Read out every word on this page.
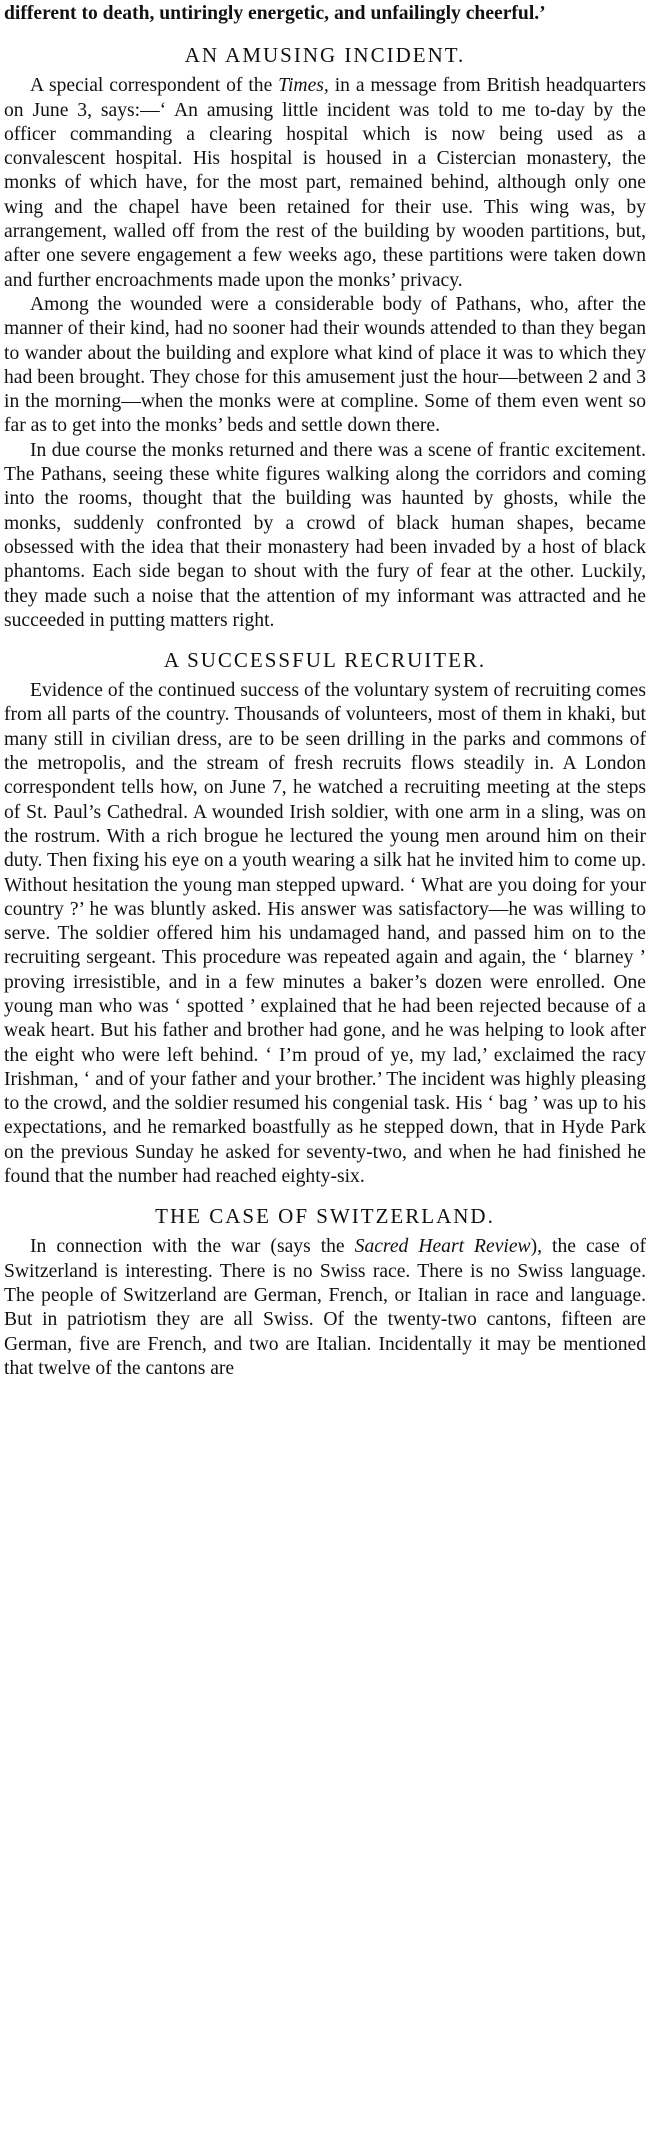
different to death, untiringly energetic, and unfailingly cheerful.’

AN AMUSING INCIDENT.

A special correspondent of the Times, in a message from British headquarters on June 3, says:—‘ An amusing little incident was told to me to-day by the officer commanding a clearing hospital which is now being used as a convalescent hospital. His hospital is housed in a Cistercian monastery, the monks of which have, for the most part, remained behind, although only one wing and the chapel have been retained for their use. This wing was, by arrangement, walled off from the rest of the building by wooden partitions, but, after one severe engagement a few weeks ago, these partitions were taken down and further encroachments made upon the monks’ privacy.

Among the wounded were a considerable body of Pathans, who, after the manner of their kind, had no sooner had their wounds attended to than they began to wander about the building and explore what kind of place it was to which they had been brought. They chose for this amusement just the hour—between 2 and 3 in the morning—when the monks were at compline. Some of them even went so far as to get into the monks’ beds and settle down there.

In due course the monks returned and there was a scene of frantic excitement. The Pathans, seeing these white figures walking along the corridors and coming into the rooms, thought that the building was haunted by ghosts, while the monks, suddenly confronted by a crowd of black human shapes, became obsessed with the idea that their monastery had been invaded by a host of black phantoms. Each side began to shout with the fury of fear at the other. Luckily, they made such a noise that the attention of my informant was attracted and he succeeded in putting matters right.

A SUCCESSFUL RECRUITER.

Evidence of the continued success of the voluntary system of recruiting comes from all parts of the country. Thousands of volunteers, most of them in khaki, but many still in civilian dress, are to be seen drilling in the parks and commons of the metropolis, and the stream of fresh recruits flows steadily in. A London correspondent tells how, on June 7, he watched a recruiting meeting at the steps of St. Paul’s Cathedral. A wounded Irish soldier, with one arm in a sling, was on the rostrum. With a rich brogue he lectured the young men around him on their duty. Then fixing his eye on a youth wearing a silk hat he invited him to come up. Without hesitation the young man stepped upward. ‘ What are you doing for your country ?’ he was bluntly asked. His answer was satisfactory—he was willing to serve. The soldier offered him his undamaged hand, and passed him on to the recruiting sergeant. This procedure was repeated again and again, the ‘ blarney ’ proving irresistible, and in a few minutes a baker’s dozen were enrolled. One young man who was ‘ spotted ’ explained that he had been rejected because of a weak heart. But his father and brother had gone, and he was helping to look after the eight who were left behind. ‘ I’m proud of ye, my lad,’ exclaimed the racy Irishman, ‘ and of your father and your brother.’ The incident was highly pleasing to the crowd, and the soldier resumed his congenial task. His ‘ bag ’ was up to his expectations, and he remarked boastfully as he stepped down, that in Hyde Park on the previous Sunday he asked for seventy-two, and when he had finished he found that the number had reached eighty-six.

THE CASE OF SWITZERLAND.

In connection with the war (says the Sacred Heart Review), the case of Switzerland is interesting. There is no Swiss race. There is no Swiss language. The people of Switzerland are German, French, or Italian in race and language. But in patriotism they are all Swiss. Of the twenty-two cantons, fifteen are German, five are French, and two are Italian. Incidentally it may be mentioned that twelve of the cantons are
